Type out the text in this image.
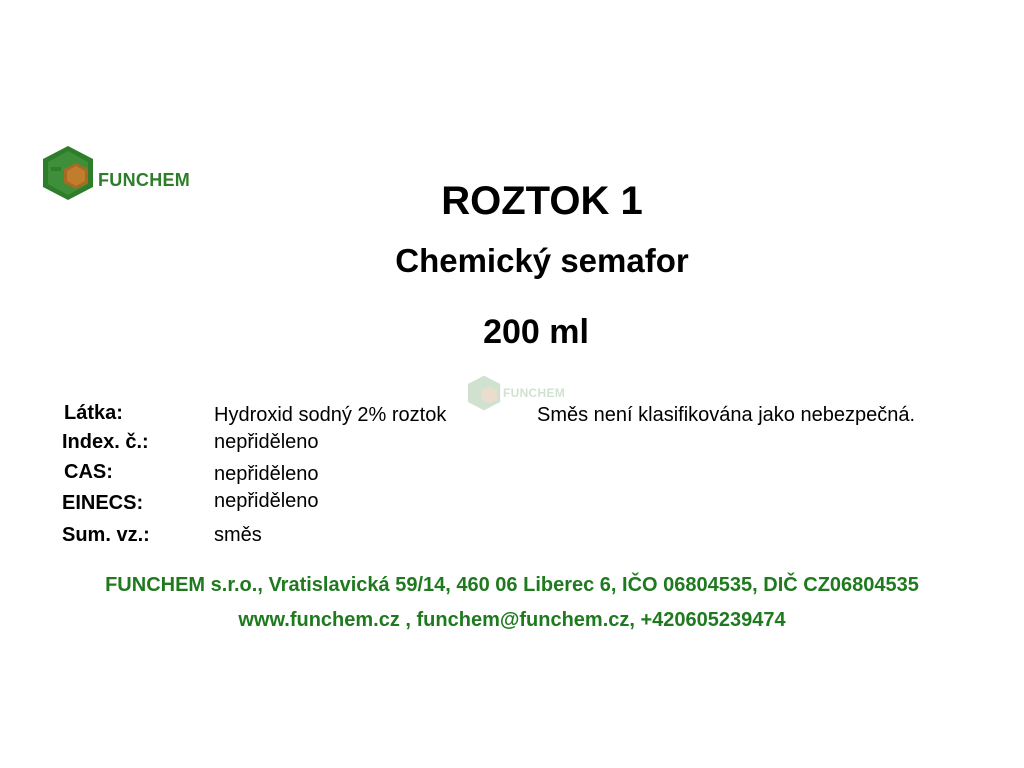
FUNCHEM	ROZTOK 1
Chemický semafor
200 ml
FUNCHEM
Látka:	Hydroxid sodný 2% roztok	Směs není klasifikována jako nebezpečná.
Index. č.:	nepřiděleno
CAS:	nepřiděleno
EINECS:	nepřiděleno
Sum. vz.:	směs
FUNCHEM s.r.o., Vratislavická 59/14, 460 06 Liberec 6, IČO 06804535, DIČ CZ06804535
www.funchem.cz , funchem@funchem.cz, +420605239474
